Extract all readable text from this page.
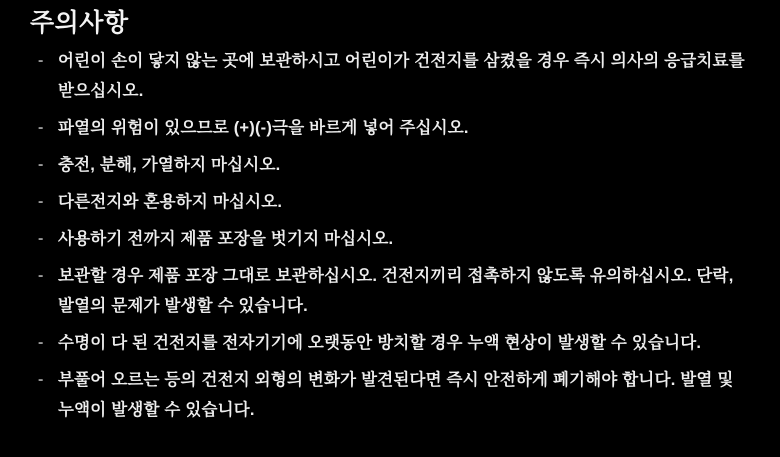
주의사항
- 어린이 손이 닿지 않는 곳에 보관하시고 어린이가 건전지를 삼켰을 경우 즉시 의사의 응급치료를 받으십시오.
- 파열의 위험이 있으므로 (+)(-)극을 바르게 넣어 주십시오.
- 충전, 분해, 가열하지 마십시오.
- 다른전지와 혼용하지 마십시오.
- 사용하기 전까지 제품 포장을 벗기지 마십시오.
- 보관할 경우 제품 포장 그대로 보관하십시오. 건전지끼리 접촉하지 않도록 유의하십시오. 단락, 발열의 문제가 발생할 수 있습니다.
- 수명이 다 된 건전지를 전자기기에 오랫동안 방치할 경우 누액 현상이 발생할 수 있습니다.
- 부풀어 오르는 등의 건전지 외형의 변화가 발견된다면 즉시 안전하게 폐기해야 합니다. 발열 및 누액이 발생할 수 있습니다.
